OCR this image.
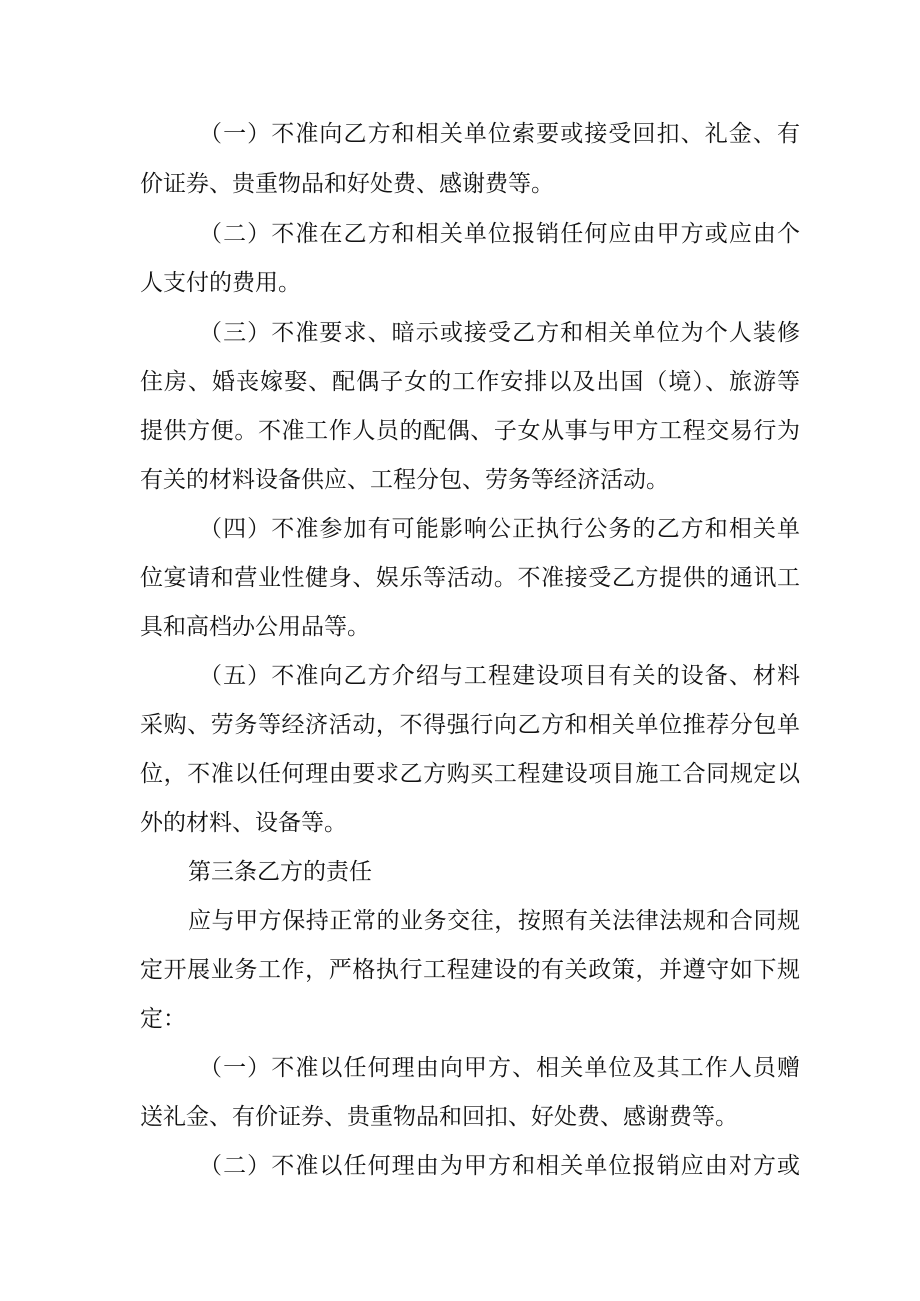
（一）不准向乙方和相关单位索要或接受回扣、礼金、有
价证券、贵重物品和好处费、感谢费等。
（二）不准在乙方和相关单位报销任何应由甲方或应由个
人支付的费用。
（三）不准要求、暗示或接受乙方和相关单位为个人装修
住房、婚丧嫁娶、配偶子女的工作安排以及出国（境）、旅游等
提供方便。不准工作人员的配偶、子女从事与甲方工程交易行为
有关的材料设备供应、工程分包、劳务等经济活动。
（四）不准参加有可能影响公正执行公务的乙方和相关单
位宴请和营业性健身、娱乐等活动。不准接受乙方提供的通讯工
具和高档办公用品等。
（五）不准向乙方介绍与工程建设项目有关的设备、材料
采购、劳务等经济活动，不得强行向乙方和相关单位推荐分包单
位，不准以任何理由要求乙方购买工程建设项目施工合同规定以
外的材料、设备等。
第三条乙方的责任
应与甲方保持正常的业务交往，按照有关法律法规和合同规
定开展业务工作，严格执行工程建设的有关政策，并遵守如下规
定：
（一）不准以任何理由向甲方、相关单位及其工作人员赠
送礼金、有价证券、贵重物品和回扣、好处费、感谢费等。
（二）不准以任何理由为甲方和相关单位报销应由对方或
